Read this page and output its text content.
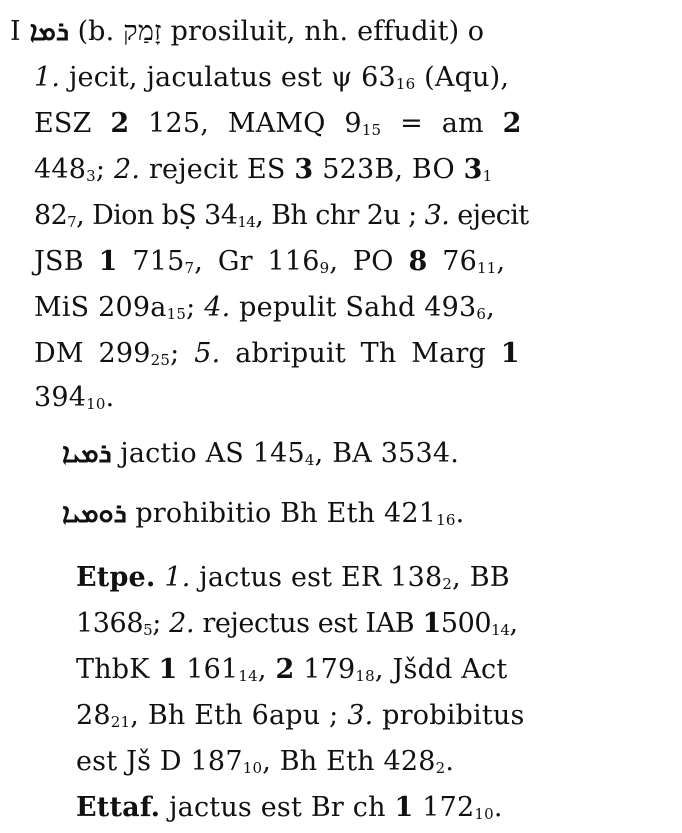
I ܪܡܐ (b. זָמַק prosiluit, nh. effudit) o
1. jecit, jaculatus est ψ $63_{16}$ (Aqu),
ESZ 2 125, MAMQ $9_{15}$ = am 2
$448_3$; 2. rejecit ES 3 523B, BO $3_1$
$82_7$, Dion bṢ $34_{14}$, Bh chr 2u ; 3. ejecit
JSB 1 $715_7$, Gr $116_9$, PO 8 $76_{11}$,
MiS $209a_{15}$; 4. pepulit Sahd $493_6$,
DM $299_{25}$; 5. abripuit Th Marg 1
$394_{10}$.
ܪܡܝܐ jactio AS $145_4$, BA 3534.
ܪܘܡܝܐ prohibitio Bh Eth $421_{16}$.
Etpe. 1. jactus est ER $138_2$, BB
$1368_5$; 2. rejectus est IAB $1500_{14}$,
ThbK 1 $161_{14}$, 2 $179_{18}$, Jšdd Act
$28_{21}$, Bh Eth 6apu ; 3. probibitus
est Jš D $187_{10}$, Bh Eth $428_2$.
Ettaf. jactus est Br ch 1 $172_{10}$.
